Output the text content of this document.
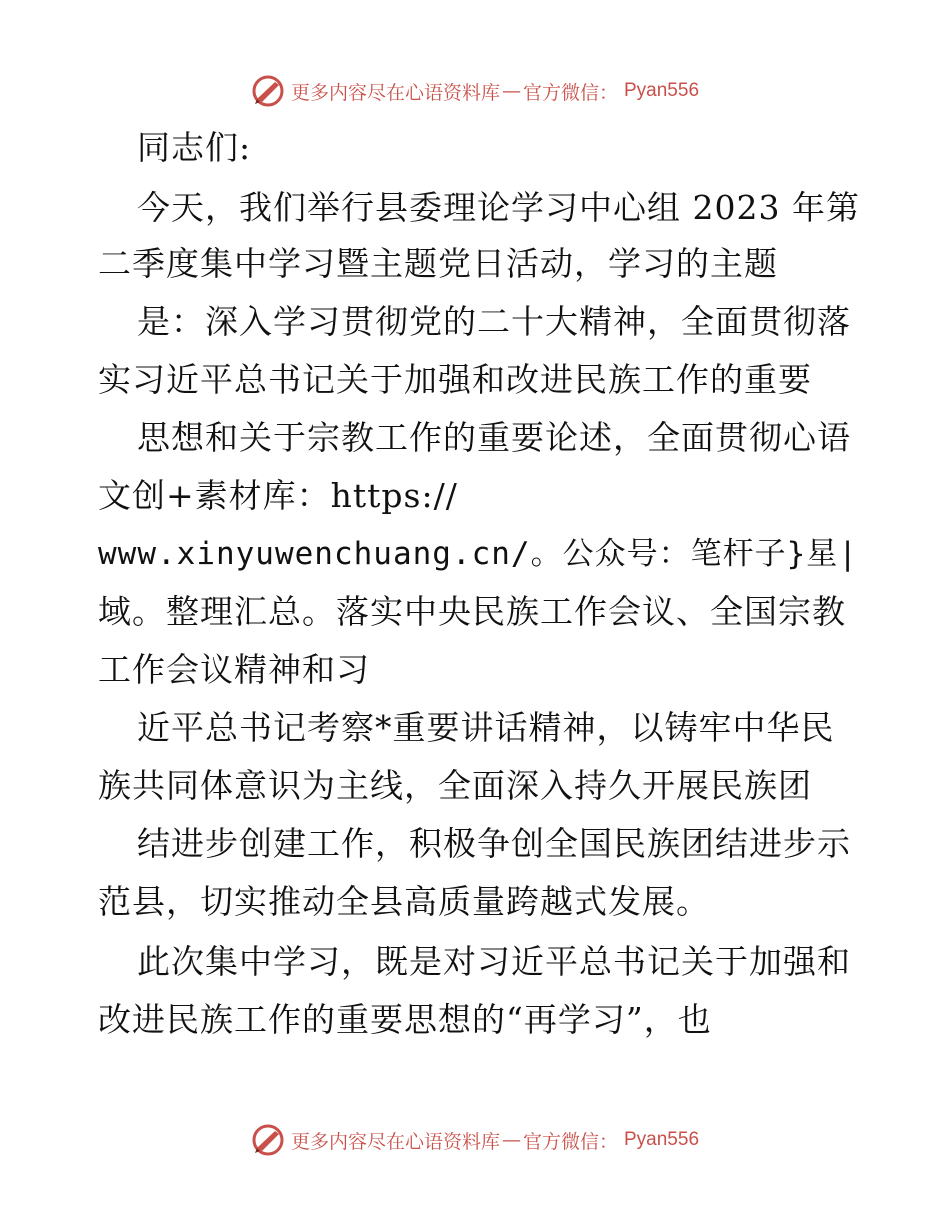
更多内容尽在心语资料库 — 官方微信： Pyan556
同志们:
今天，我们举行县委理论学习中心组 2023 年第
二季度集中学习暨主题党日活动，学习的主题
是：深入学习贯彻党的二十大精神，全面贯彻落
实习近平总书记关于加强和改进民族工作的重要
思想和关于宗教工作的重要论述，全面贯彻心语
文创+素材库：https://
www.xinyuwenchuang.cn/。公众号：笔杆子}星|
域。整理汇总。落实中央民族工作会议、全国宗教
工作会议精神和习
近平总书记考察*重要讲话精神，以铸牢中华民
族共同体意识为主线，全面深入持久开展民族团
结进步创建工作，积极争创全国民族团结进步示
范县，切实推动全县高质量跨越式发展。
此次集中学习，既是对习近平总书记关于加强和
改进民族工作的重要思想的“再学习”，也
更多内容尽在心语资料库 — 官方微信： Pyan556
